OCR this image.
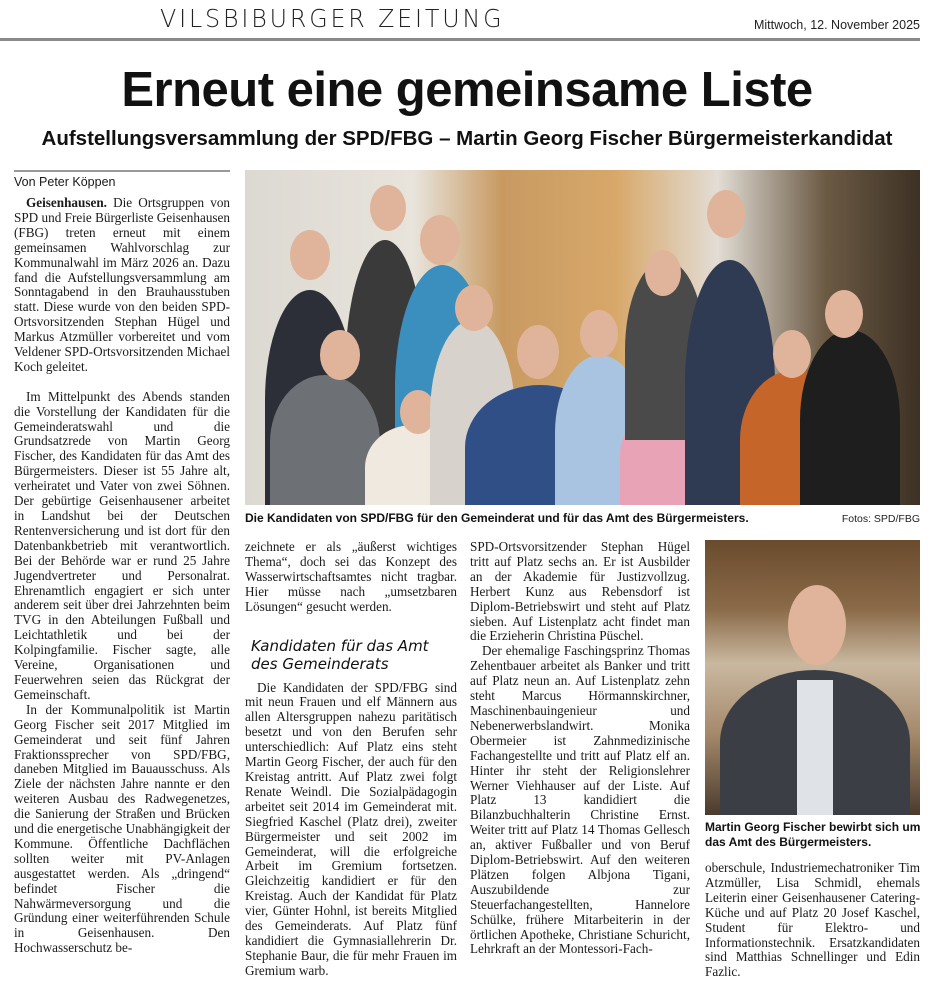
VILSBIBURGER ZEITUNG	Mittwoch, 12. November 2025
Erneut eine gemeinsame Liste
Aufstellungsversammlung der SPD/FBG – Martin Georg Fischer Bürgermeisterkandidat
Von Peter Köppen

Geisenhausen. Die Ortsgruppen von SPD und Freie Bürgerliste Geisenhausen (FBG) treten erneut mit einem gemeinsamen Wahlvorschlag zur Kommunalwahl im März 2026 an. Dazu fand die Aufstellungsversammlung am Sonntagabend in den Brauhausstuben statt. Diese wurde von den beiden SPD-Ortsvorsitzenden Stephan Hügel und Markus Atzmüller vorbereitet und vom Veldener SPD-Ortsvorsitzenden Michael Koch geleitet.

Im Mittelpunkt des Abends standen die Vorstellung der Kandidaten für die Gemeinderatswahl und die Grundsatzrede von Martin Georg Fischer, des Kandidaten für das Amt des Bürgermeisters. Dieser ist 55 Jahre alt, verheiratet und Vater von zwei Söhnen. Der gebürtige Geisenhausener arbeitet in Landshut bei der Deutschen Rentenversicherung und ist dort für den Datenbankbetrieb mit verantwortlich. Bei der Behörde war er rund 25 Jahre Jugendvertreter und Personalrat. Ehrenamtlich engagiert er sich unter anderem seit über drei Jahrzehnten beim TVG in den Abteilungen Fußball und Leichtathletik und bei der Kolpingfamilie. Fischer sagte, alle Vereine, Organisationen und Feuerwehren seien das Rückgrat der Gemeinschaft.

In der Kommunalpolitik ist Martin Georg Fischer seit 2017 Mitglied im Gemeinderat und seit fünf Jahren Fraktionssprecher von SPD/FBG, daneben Mitglied im Bauausschuss. Als Ziele der nächsten Jahre nannte er den weiteren Ausbau des Radwegenetzes, die Sanierung der Straßen und Brücken und die energetische Unabhängigkeit der Kommune. Öffentliche Dachflächen sollten weiter mit PV-Anlagen ausgestattet werden. Als „dringend“ befindet Fischer die Nahwärmeversorgung und die Gründung einer weiterführenden Schule in Geisenhausen. Den Hochwasserschutz be-

Die Kandidaten von SPD/FBG für den Gemeinderat und für das Amt des Bürgermeisters.	Fotos: SPD/FBG

zeichnete er als „äußerst wichtiges Thema“, doch sei das Konzept des Wasserwirtschaftsamtes nicht tragbar. Hier müsse nach „umsetzbaren Lösungen“ gesucht werden.

Kandidaten für das Amt des Gemeinderats

Die Kandidaten der SPD/FBG sind mit neun Frauen und elf Männern aus allen Altersgruppen nahezu paritätisch besetzt und von den Berufen sehr unterschiedlich: Auf Platz eins steht Martin Georg Fischer, der auch für den Kreistag antritt. Auf Platz zwei folgt Renate Weindl. Die Sozialpädagogin arbeitet seit 2014 im Gemeinderat mit. Siegfried Kaschel (Platz drei), zweiter Bürgermeister und seit 2002 im Gemeinderat, will die erfolgreiche Arbeit im Gremium fortsetzen. Gleichzeitig kandidiert er für den Kreistag. Auch der Kandidat für Platz vier, Günter Hohnl, ist bereits Mitglied des Gemeinderats. Auf Platz fünf kandidiert die Gymnasiallehrerin Dr. Stephanie Baur, die für mehr Frauen im Gremium warb.

SPD-Ortsvorsitzender Stephan Hügel tritt auf Platz sechs an. Er ist Ausbilder an der Akademie für Justizvollzug. Herbert Kunz aus Rebensdorf ist Diplom-Betriebswirt und steht auf Platz sieben. Auf Listenplatz acht findet man die Erzieherin Christina Püschel.

Der ehemalige Faschingsprinz Thomas Zehentbauer arbeitet als Banker und tritt auf Platz neun an. Auf Listenplatz zehn steht Marcus Hörmannskirchner, Maschinenbauingenieur und Nebenerwerbslandwirt. Monika Obermeier ist Zahnmedizinische Fachangestellte und tritt auf Platz elf an. Hinter ihr steht der Religionslehrer Werner Viehhauser auf der Liste. Auf Platz 13 kandidiert die Bilanzbuchhalterin Christine Ernst. Weiter tritt auf Platz 14 Thomas Gellesch an, aktiver Fußballer und von Beruf Diplom-Betriebswirt. Auf den weiteren Plätzen folgen Albjona Tigani, Auszubildende zur Steuerfachangestellten, Hannelore Schülke, frühere Mitarbeiterin in der örtlichen Apotheke, Christiane Schuricht, Lehrkraft an der Montessori-Fach-

Martin Georg Fischer bewirbt sich um das Amt des Bürgermeisters.

oberschule, Industriemechatroniker Tim Atzmüller, Lisa Schmidl, ehemals Leiterin einer Geisenhausener Catering-Küche und auf Platz 20 Josef Kaschel, Student für Elektro- und Informationstechnik. Ersatzkandidaten sind Matthias Schnellinger und Edin Fazlic.
